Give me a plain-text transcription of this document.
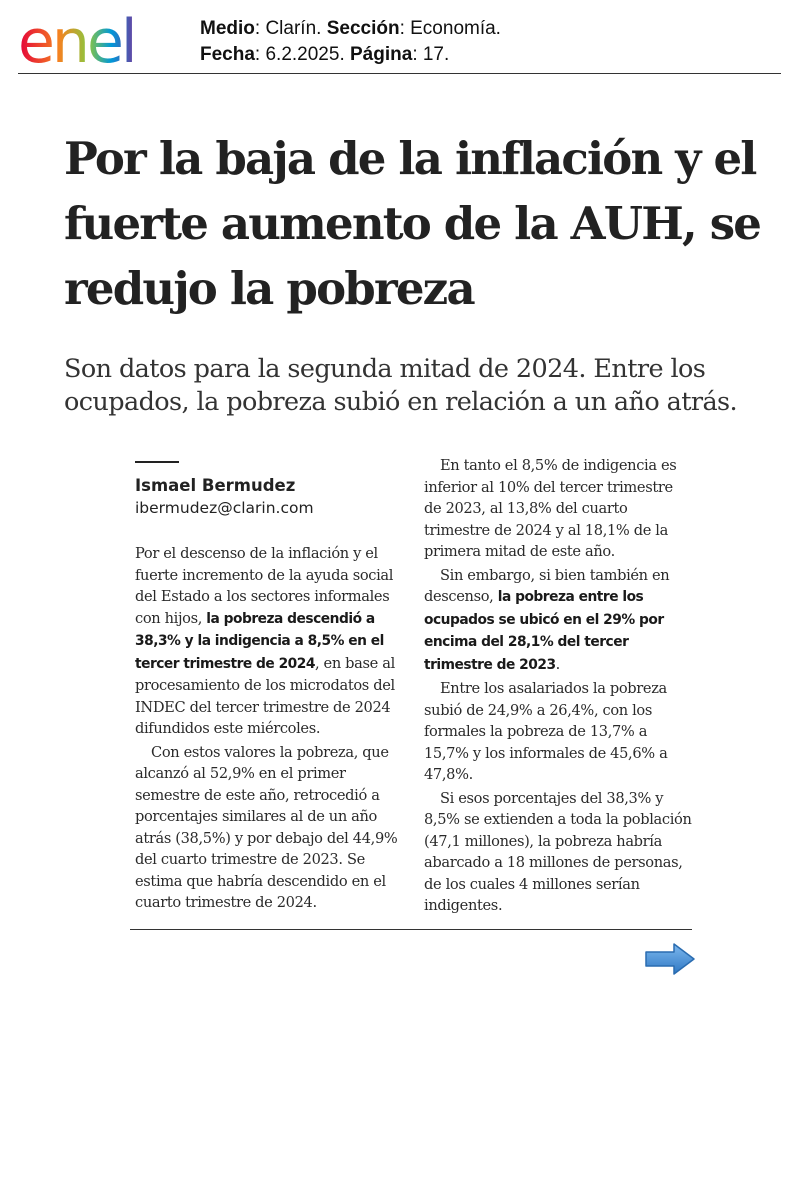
enel	Medio: Clarín. Sección: Economía.
Fecha: 6.2.2025. Página: 17.
Por la baja de la inflación y el fuerte aumento de la AUH, se redujo la pobreza

Son datos para la segunda mitad de 2024. Entre los ocupados, la pobreza subió en relación a un año atrás.

Ismael Bermudez
ibermudez@clarin.com

Por el descenso de la inflación y el fuerte incremento de la ayuda social del Estado a los sectores informales con hijos, la pobreza descendió a 38,3% y la indigencia a 8,5% en el tercer trimestre de 2024, en base al procesamiento de los microdatos del INDEC del tercer trimestre de 2024 difundidos este miércoles.

Con estos valores la pobreza, que alcanzó al 52,9% en el primer semestre de este año, retrocedió a porcentajes similares al de un año atrás (38,5%) y por debajo del 44,9% del cuarto trimestre de 2023. Se estima que habría descendido en el cuarto trimestre de 2024.

En tanto el 8,5% de indigencia es inferior al 10% del tercer trimestre de 2023, al 13,8% del cuarto trimestre de 2024 y al 18,1% de la primera mitad de este año.

Sin embargo, si bien también en descenso, la pobreza entre los ocupados se ubicó en el 29% por encima del 28,1% del tercer trimestre de 2023.

Entre los asalariados la pobreza subió de 24,9% a 26,4%, con los formales la pobreza de 13,7% a 15,7% y los informales de 45,6% a 47,8%.

Si esos porcentajes del 38,3% y 8,5% se extienden a toda la población (47,1 millones), la pobreza habría abarcado a 18 millones de personas, de los cuales 4 millones serían indigentes.
